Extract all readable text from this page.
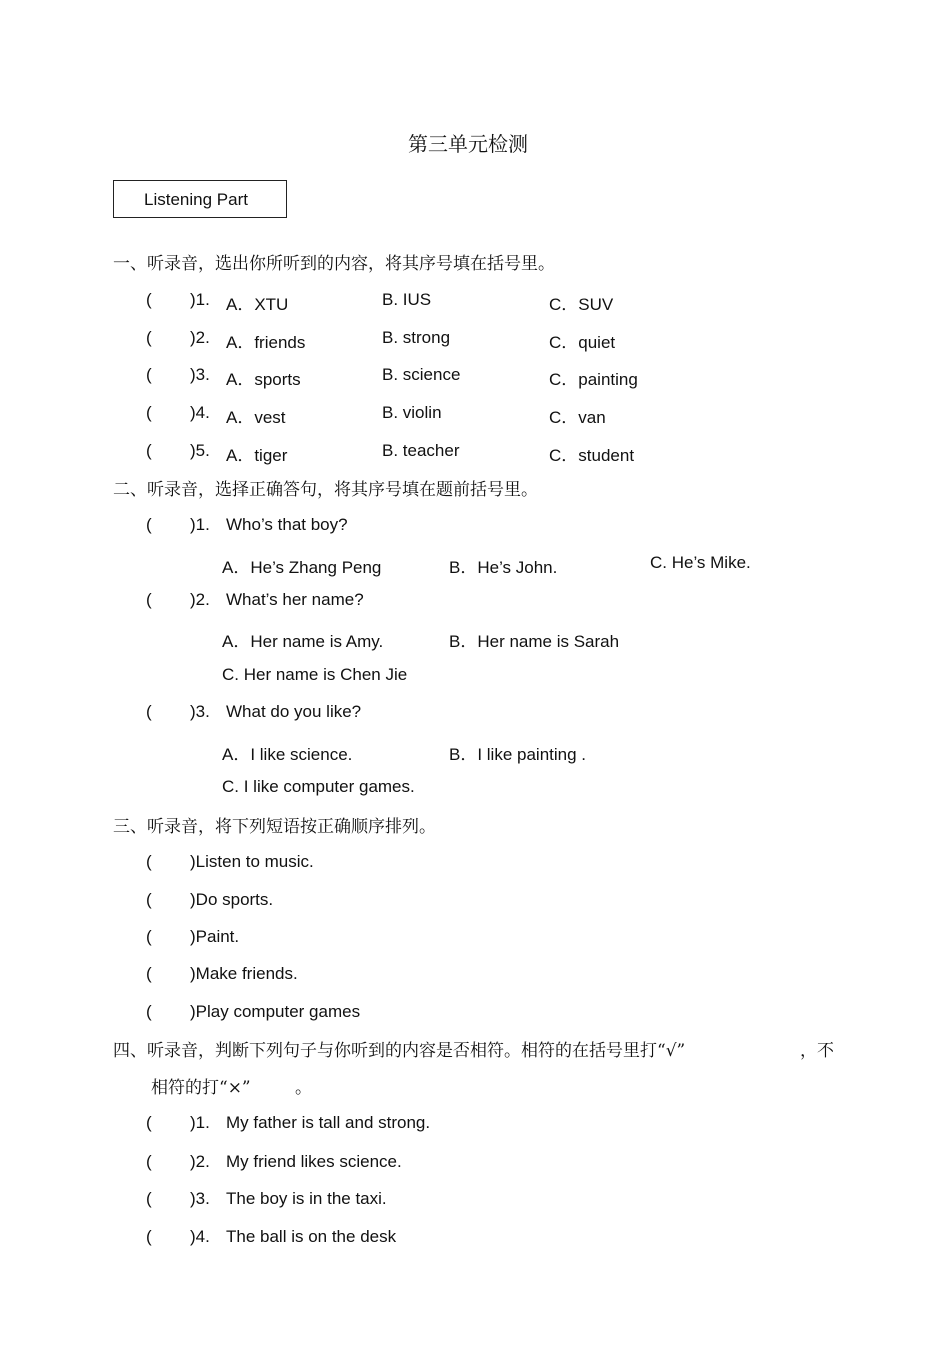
第三单元检测
Listening Part
一、听录音，选出你所听到的内容，将其序号填在括号里。
( )1. A．XTU	B. IUS	C．SUV
( )2. A．friends	B. strong	C．quiet
( )3. A．sports	B. science	C．painting
( )4. A．vest	B. violin	C．van
( )5. A．tiger	B. teacher	C．student
二、听录音，选择正确答句，将其序号填在题前括号里。
( )1. Who’s that boy?
A．He’s Zhang Peng	B．He’s John.	C. He’s Mike.
( )2. What’s her name?
A．Her name is Amy.	B．Her name is Sarah
C. Her name is Chen Jie
( )3. What do you like?
A．I like science.	B．I like painting .
C. I like computer games.
三、听录音，将下列短语按正确顺序排列。
( )Listen to music.
( )Do sports.
( )Paint.
( )Make friends.
( )Play computer games
四、听录音，判断下列句子与你听到的内容是否相符。相符的在括号里打“√”	，不
相符的打“×”	。
( )1. My father is tall and strong.
( )2. My friend likes science.
( )3. The boy is in the taxi.
( )4. The ball is on the desk
